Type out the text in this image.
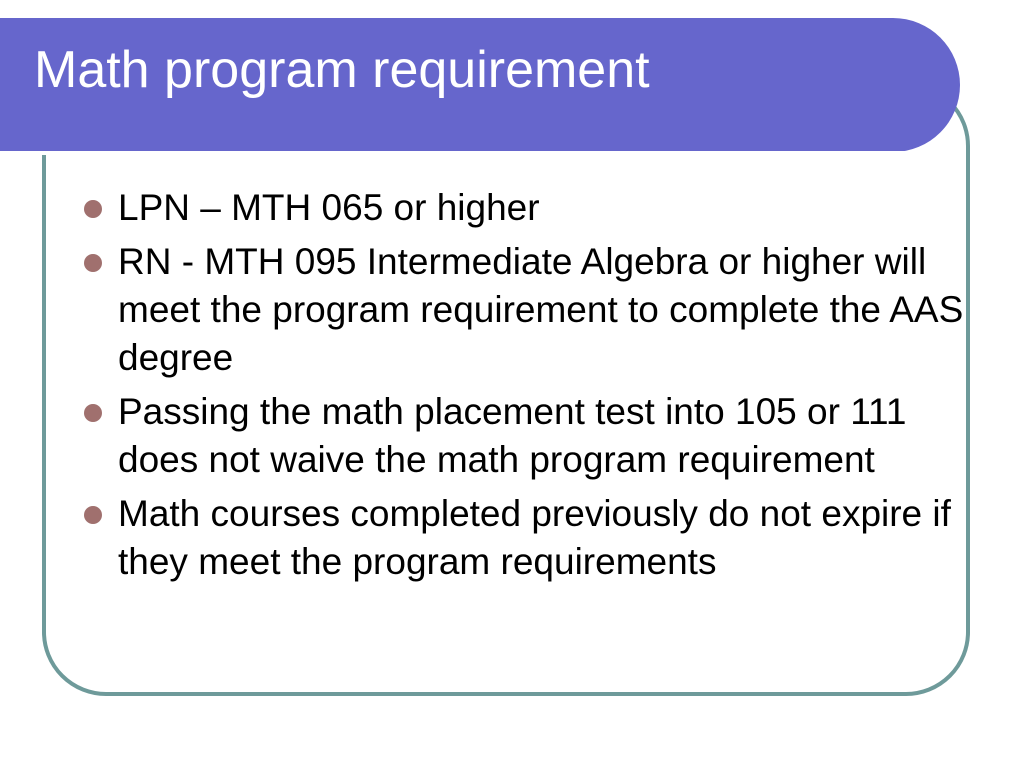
Math program requirement
LPN – MTH 065 or higher
RN - MTH 095 Intermediate Algebra or higher will meet the program requirement to complete the AAS degree
Passing the math placement test into 105 or 111 does not waive the math program requirement
Math courses completed previously do not expire if they meet the program requirements
